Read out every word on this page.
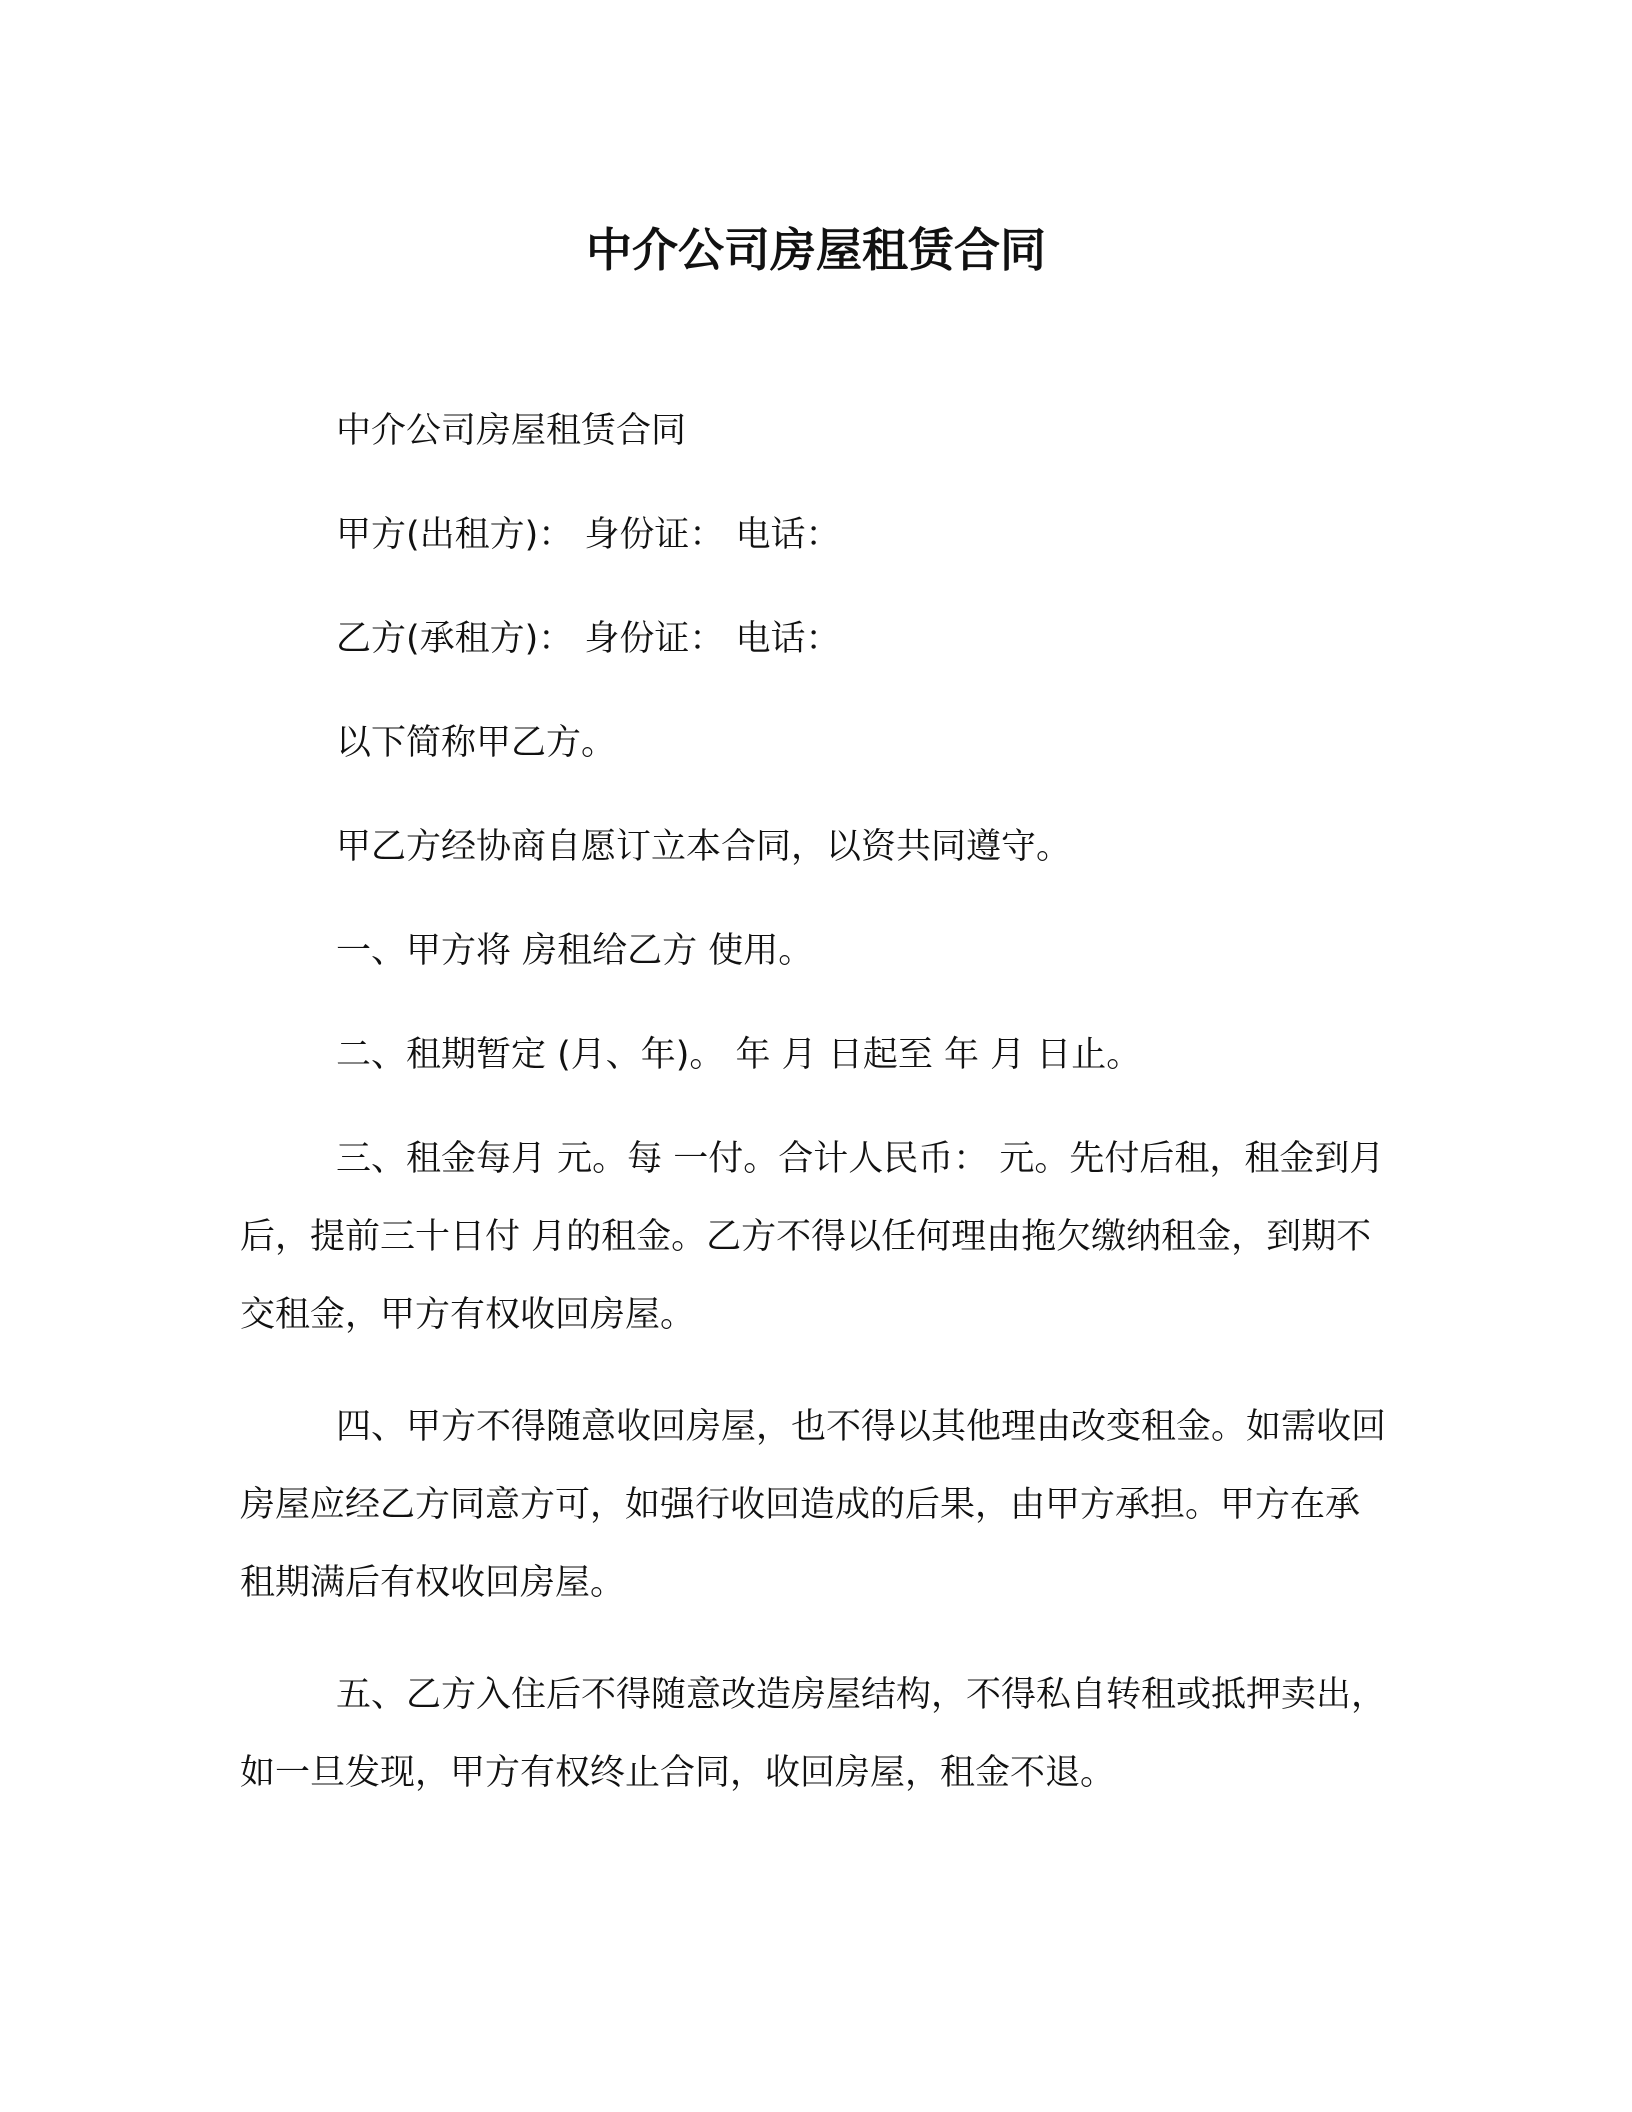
中介公司房屋租赁合同

中介公司房屋租赁合同

甲方(出租方)： 身份证： 电话：

乙方(承租方)： 身份证： 电话：

以下简称甲乙方。

甲乙方经协商自愿订立本合同，以资共同遵守。

一、甲方将 房租给乙方 使用。

二、租期暂定 (月、年)。 年 月 日起至 年 月 日止。

三、租金每月 元。每 一付。合计人民币： 元。先付后租，租金到月后，提前三十日付 月的租金。乙方不得以任何理由拖欠缴纳租金，到期不交租金，甲方有权收回房屋。

四、甲方不得随意收回房屋，也不得以其他理由改变租金。如需收回房屋应经乙方同意方可，如强行收回造成的后果，由甲方承担。甲方在承租期满后有权收回房屋。

五、乙方入住后不得随意改造房屋结构，不得私自转租或抵押卖出，如一旦发现，甲方有权终止合同，收回房屋，租金不退。
